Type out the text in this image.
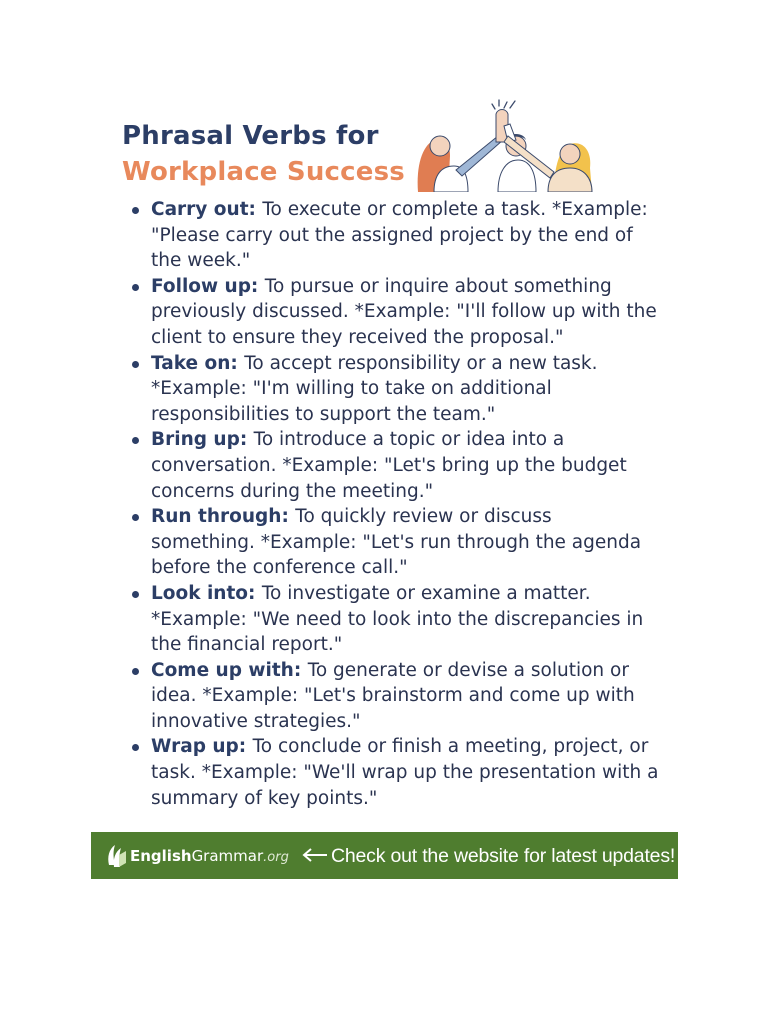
Phrasal Verbs for
Workplace Success
Carry out: To execute or complete a task. *Example: "Please carry out the assigned project by the end of the week."
Follow up: To pursue or inquire about something previously discussed. *Example: "I'll follow up with the client to ensure they received the proposal."
Take on: To accept responsibility or a new task. *Example: "I'm willing to take on additional responsibilities to support the team."
Bring up: To introduce a topic or idea into a conversation. *Example: "Let's bring up the budget concerns during the meeting."
Run through: To quickly review or discuss something. *Example: "Let's run through the agenda before the conference call."
Look into: To investigate or examine a matter. *Example: "We need to look into the discrepancies in the financial report."
Come up with: To generate or devise a solution or idea. *Example: "Let's brainstorm and come up with innovative strategies."
Wrap up: To conclude or finish a meeting, project, or task. *Example: "We'll wrap up the presentation with a summary of key points."
EnglishGrammar.org Check out the website for latest updates!
